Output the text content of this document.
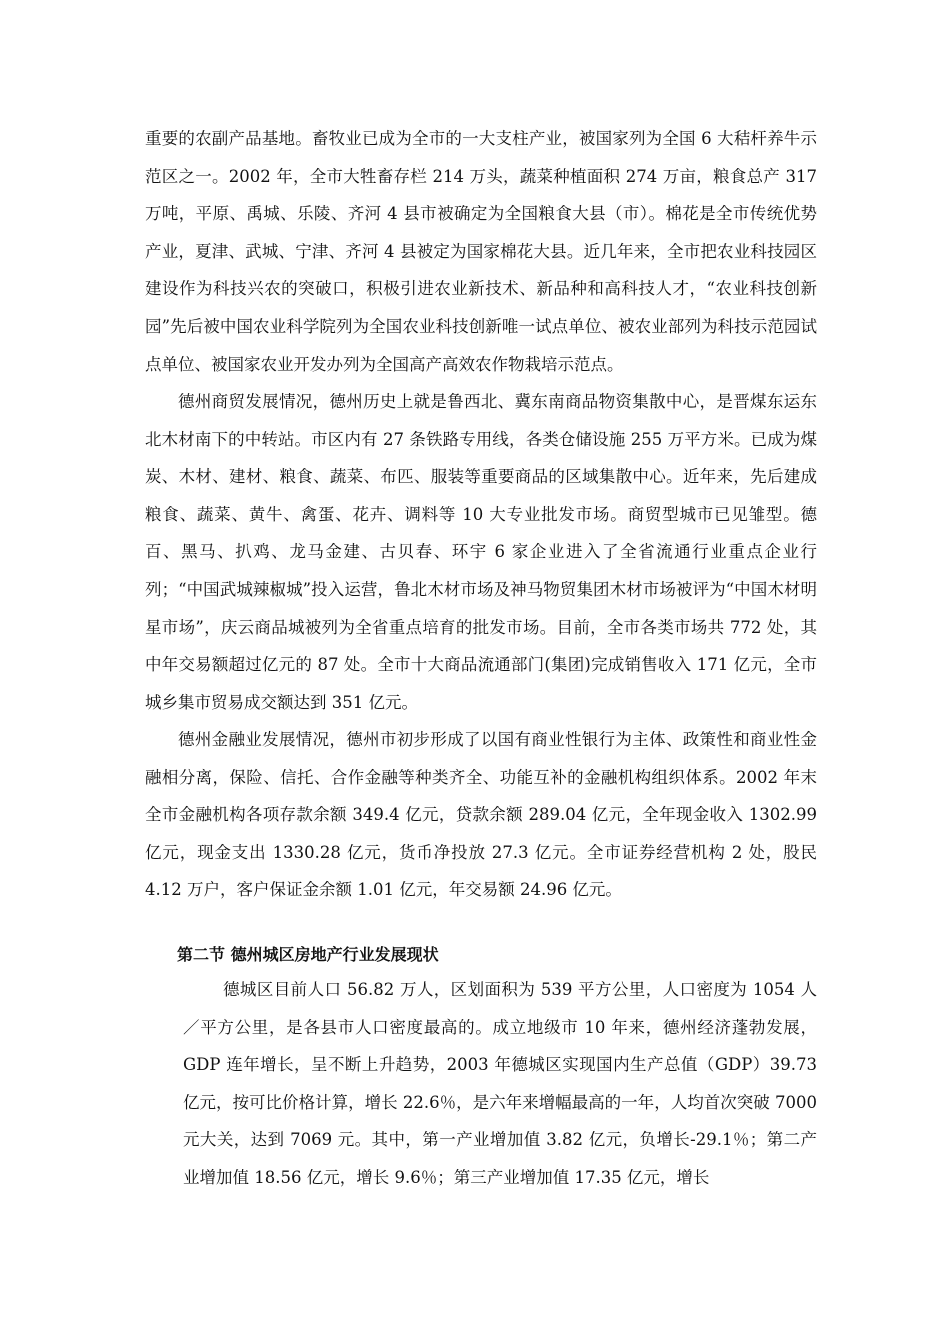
重要的农副产品基地。畜牧业已成为全市的一大支柱产业，被国家列为全国 6 大秸杆养牛示范区之一。2002 年，全市大牲畜存栏 214 万头，蔬菜种植面积 274 万亩，粮食总产 317 万吨，平原、禹城、乐陵、齐河 4 县市被确定为全国粮食大县（市）。棉花是全市传统优势产业，夏津、武城、宁津、齐河 4 县被定为国家棉花大县。近几年来，全市把农业科技园区建设作为科技兴农的突破口，积极引进农业新技术、新品种和高科技人才，“农业科技创新园”先后被中国农业科学院列为全国农业科技创新唯一试点单位、被农业部列为科技示范园试点单位、被国家农业开发办列为全国高产高效农作物栽培示范点。

德州商贸发展情况，德州历史上就是鲁西北、冀东南商品物资集散中心，是晋煤东运东北木材南下的中转站。市区内有 27 条铁路专用线，各类仓储设施 255 万平方米。已成为煤炭、木材、建材、粮食、蔬菜、布匹、服装等重要商品的区域集散中心。近年来，先后建成粮食、蔬菜、黄牛、禽蛋、花卉、调料等 10 大专业批发市场。商贸型城市已见雏型。德百、黑马、扒鸡、龙马金建、古贝春、环宇 6 家企业进入了全省流通行业重点企业行列；“中国武城辣椒城”投入运营，鲁北木材市场及神马物贸集团木材市场被评为“中国木材明星市场”，庆云商品城被列为全省重点培育的批发市场。目前，全市各类市场共 772 处，其中年交易额超过亿元的 87 处。全市十大商品流通部门(集团)完成销售收入 171 亿元，全市城乡集市贸易成交额达到 351 亿元。

德州金融业发展情况，德州市初步形成了以国有商业性银行为主体、政策性和商业性金融相分离，保险、信托、合作金融等种类齐全、功能互补的金融机构组织体系。2002 年末全市金融机构各项存款余额 349.4 亿元，贷款余额 289.04 亿元，全年现金收入 1302.99 亿元，现金支出 1330.28 亿元，货币净投放 27.3 亿元。全市证券经营机构 2 处，股民 4.12 万户，客户保证金余额 1.01 亿元，年交易额 24.96 亿元。

第二节 德州城区房地产行业发展现状

德城区目前人口 56.82 万人，区划面积为 539 平方公里，人口密度为 1054 人／平方公里，是各县市人口密度最高的。成立地级市 10 年来，德州经济蓬勃发展，GDP 连年增长，呈不断上升趋势，2003 年德城区实现国内生产总值（GDP）39.73 亿元，按可比价格计算，增长 22.6％，是六年来增幅最高的一年，人均首次突破 7000 元大关，达到 7069 元。其中，第一产业增加值 3.82 亿元，负增长-29.1％；第二产业增加值 18.56 亿元，增长 9.6％；第三产业增加值 17.35 亿元，增长
